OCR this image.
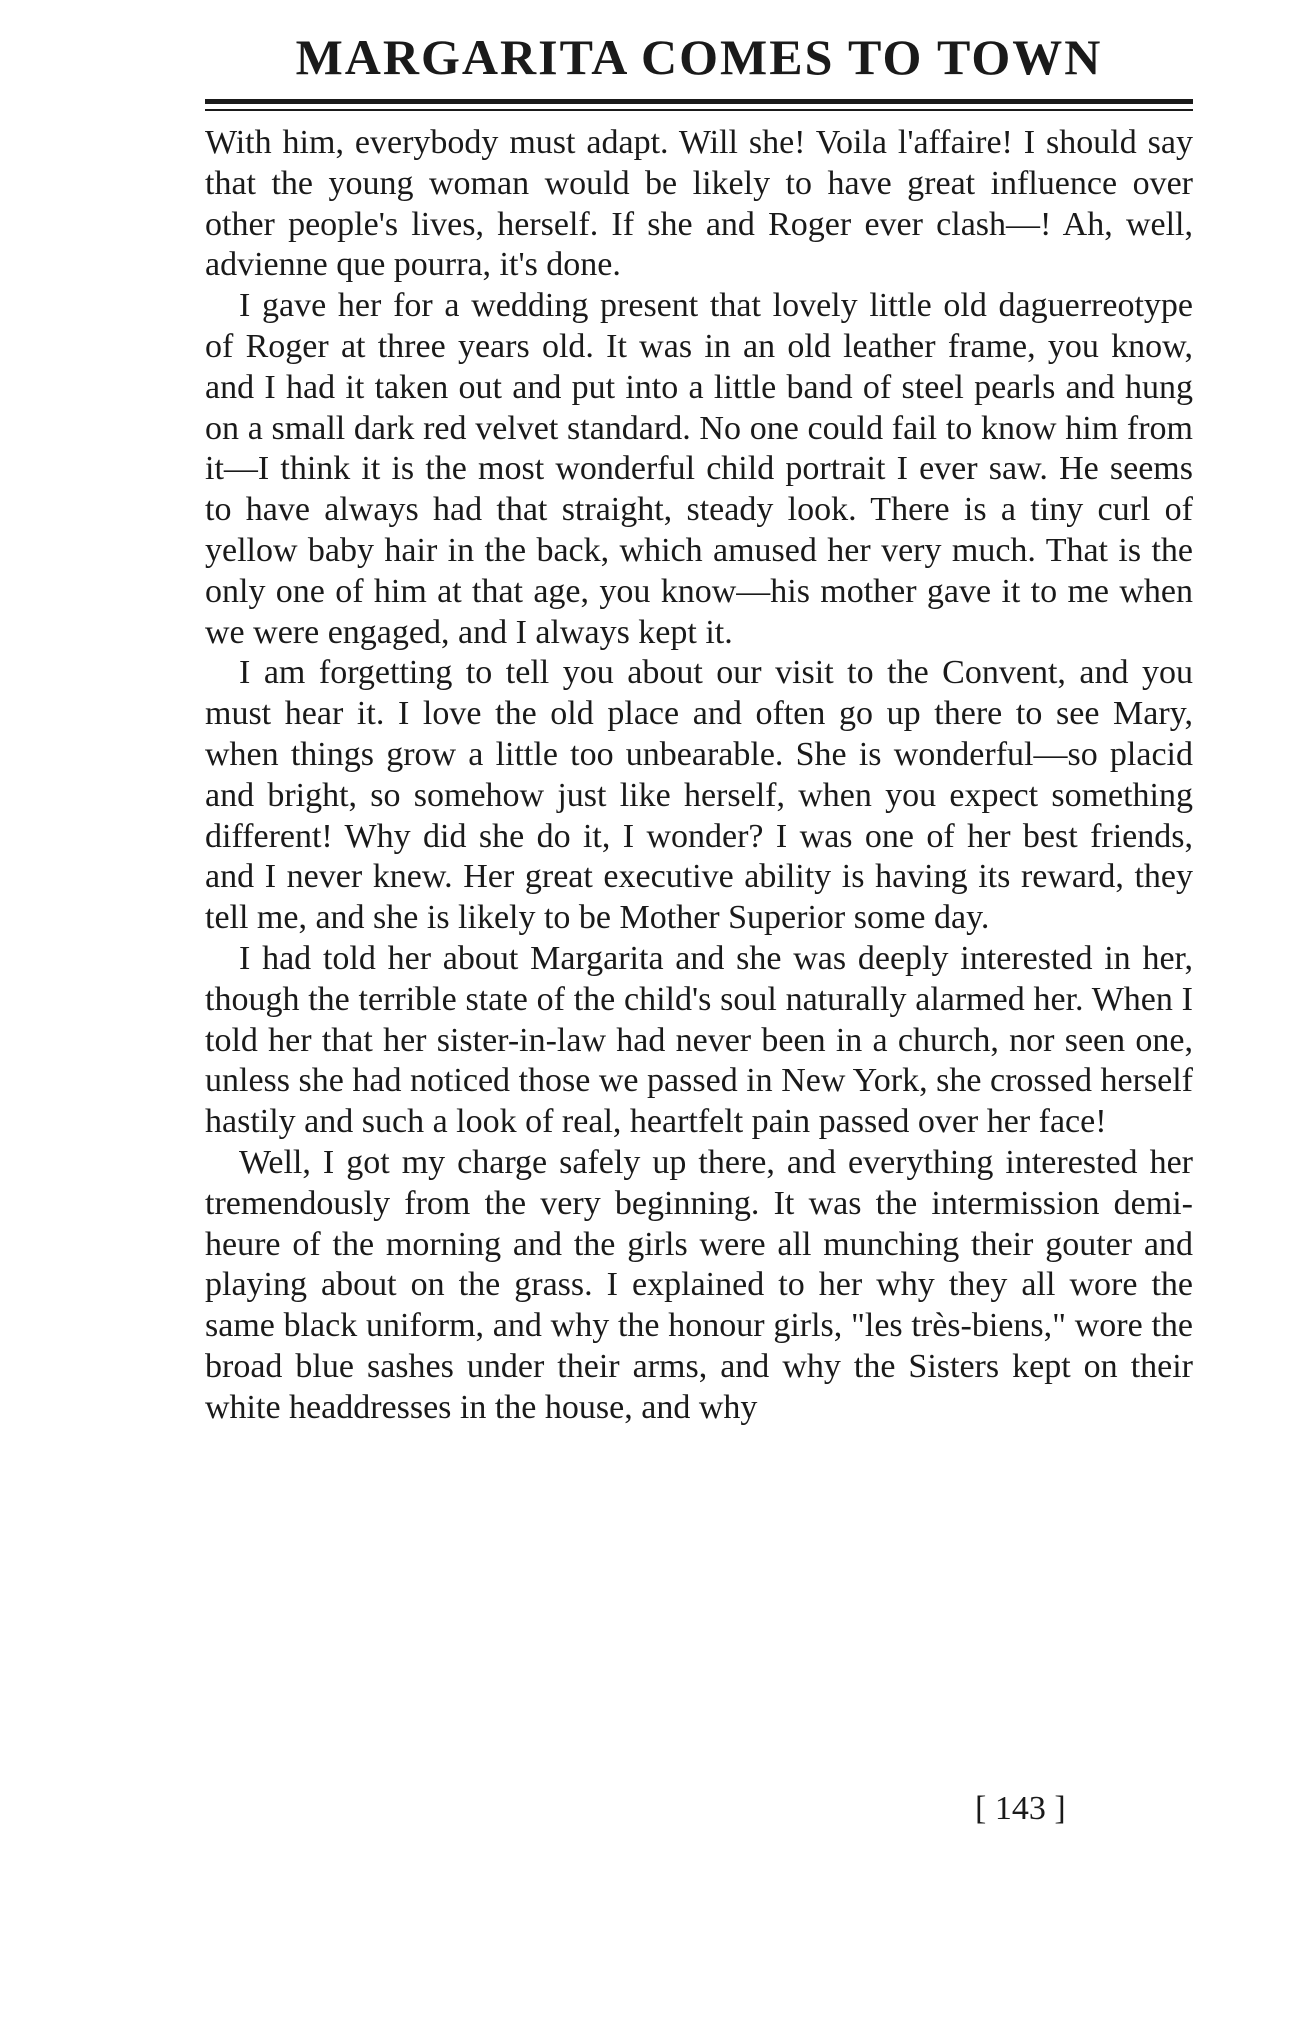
MARGARITA COMES TO TOWN

With him, everybody must adapt. Will she! Voila l'affaire! I should say that the young woman would be likely to have great influence over other people's lives, herself. If she and Roger ever clash—! Ah, well, advienne que pourra, it's done.

I gave her for a wedding present that lovely little old daguerreotype of Roger at three years old. It was in an old leather frame, you know, and I had it taken out and put into a little band of steel pearls and hung on a small dark red velvet standard. No one could fail to know him from it—I think it is the most wonderful child portrait I ever saw. He seems to have always had that straight, steady look. There is a tiny curl of yellow baby hair in the back, which amused her very much. That is the only one of him at that age, you know—his mother gave it to me when we were engaged, and I always kept it.

I am forgetting to tell you about our visit to the Convent, and you must hear it. I love the old place and often go up there to see Mary, when things grow a little too unbearable. She is wonderful—so placid and bright, so somehow just like herself, when you expect something different! Why did she do it, I wonder? I was one of her best friends, and I never knew. Her great executive ability is having its reward, they tell me, and she is likely to be Mother Superior some day.

I had told her about Margarita and she was deeply interested in her, though the terrible state of the child's soul naturally alarmed her. When I told her that her sister-in-law had never been in a church, nor seen one, unless she had noticed those we passed in New York, she crossed herself hastily and such a look of real, heartfelt pain passed over her face!

Well, I got my charge safely up there, and everything interested her tremendously from the very beginning. It was the intermission demi-heure of the morning and the girls were all munching their gouter and playing about on the grass. I explained to her why they all wore the same black uniform, and why the honour girls, "les très-biens," wore the broad blue sashes under their arms, and why the Sisters kept on their white headdresses in the house, and why

[ 143 ]
